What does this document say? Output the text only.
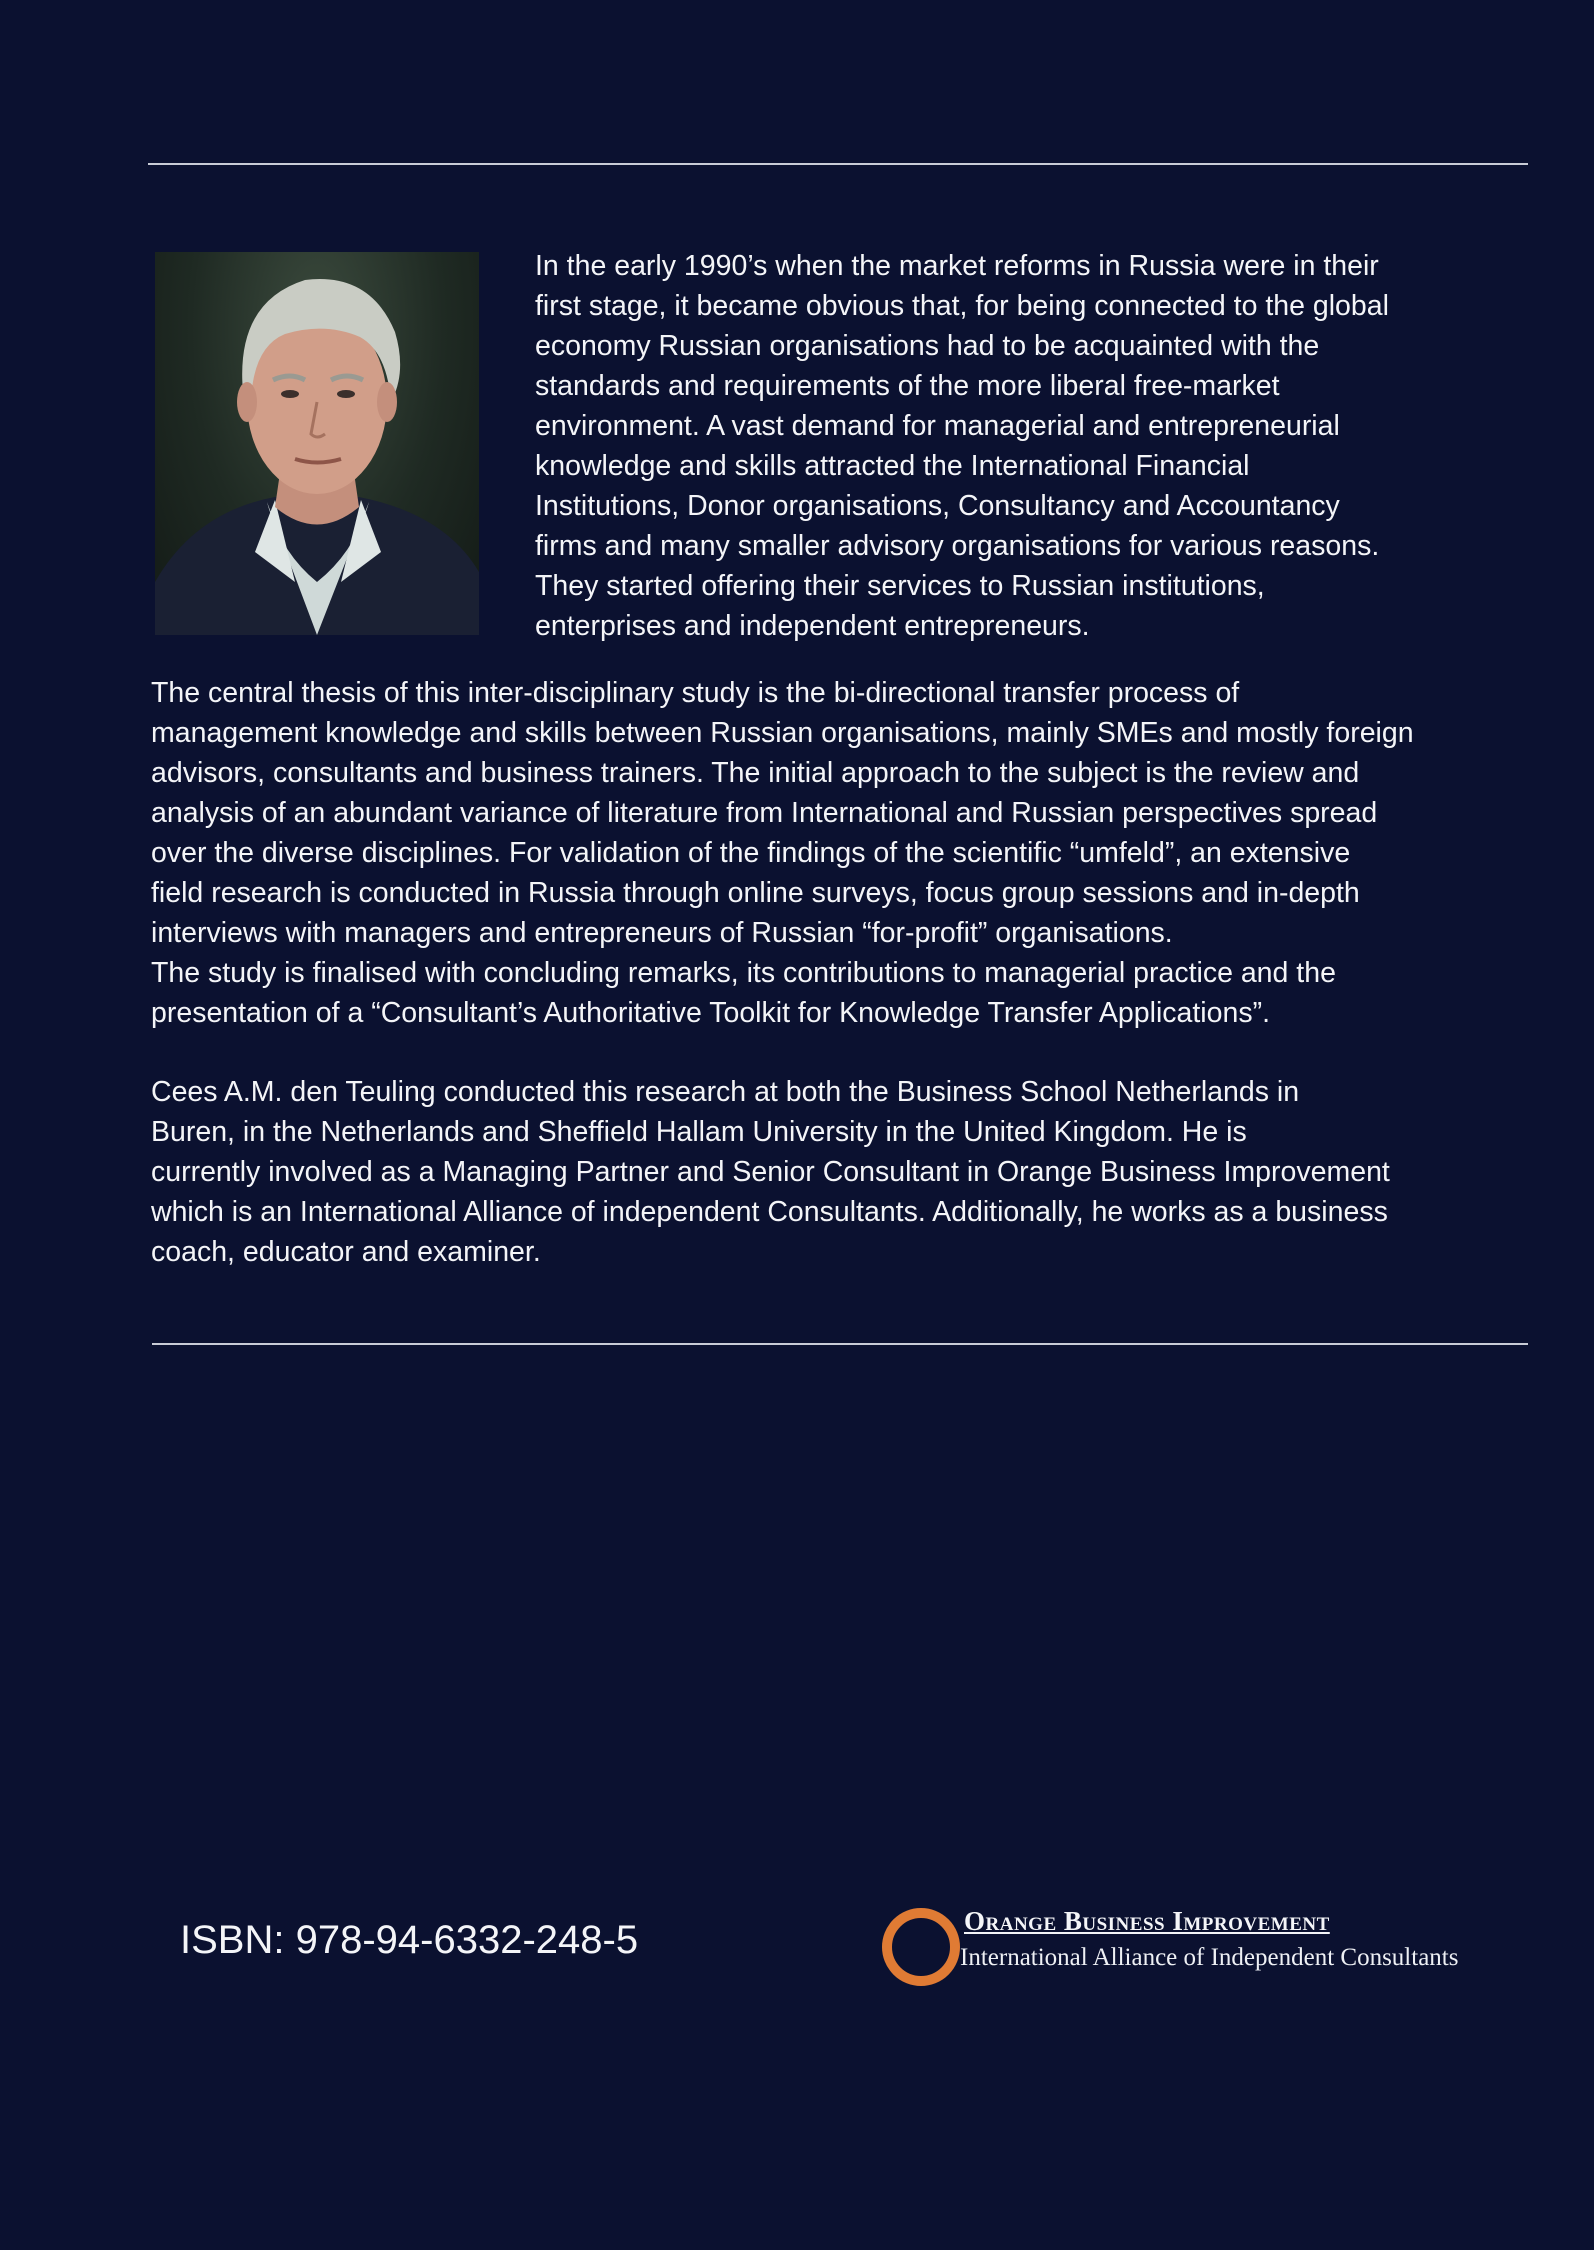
In the early 1990’s when the market reforms in Russia were in their
first stage, it became obvious that, for being connected to the global
economy Russian organisations had to be acquainted with the
standards and requirements of the more liberal free-market
environment. A vast demand for managerial and entrepreneurial
knowledge and skills attracted the International Financial
Institutions, Donor organisations, Consultancy and Accountancy
firms and many smaller advisory organisations for various reasons.
They started offering their services to Russian institutions,
enterprises and independent entrepreneurs.

The central thesis of this inter-disciplinary study is the bi-directional transfer process of
management knowledge and skills between Russian organisations, mainly SMEs and mostly foreign
advisors, consultants and business trainers. The initial approach to the subject is the review and
analysis of an abundant variance of literature from International and Russian perspectives spread
over the diverse disciplines. For validation of the findings of the scientific “umfeld”, an extensive
field research is conducted in Russia through online surveys, focus group sessions and in-depth
interviews with managers and entrepreneurs of Russian “for-profit” organisations.
The study is finalised with concluding remarks, its contributions to managerial practice and the
presentation of a “Consultant’s Authoritative Toolkit for Knowledge Transfer Applications”.

Cees A.M. den Teuling conducted this research at both the Business School Netherlands in
Buren, in the Netherlands and Sheffield Hallam University in the United Kingdom. He is
currently involved as a Managing Partner and Senior Consultant in Orange Business Improvement
which is an International Alliance of independent Consultants. Additionally, he works as a business
coach, educator and examiner.

ISBN: 978-94-6332-248-5	Orange Business Improvement
International Alliance of Independent Consultants
